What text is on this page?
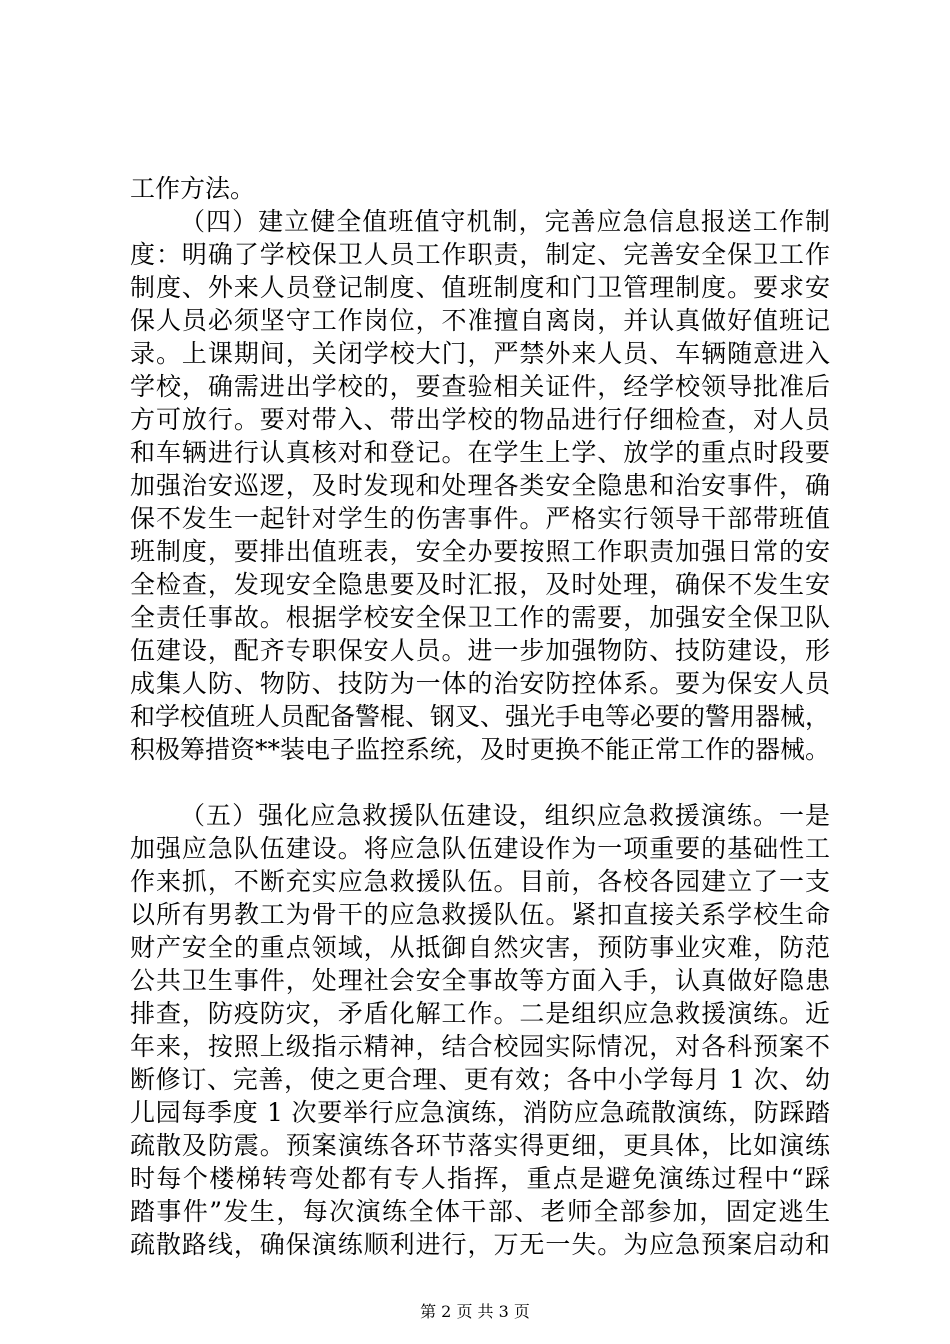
工作方法。
（四）建立健全值班值守机制，完善应急信息报送工作制
度：明确了学校保卫人员工作职责，制定、完善安全保卫工作
制度、外来人员登记制度、值班制度和门卫管理制度。要求安
保人员必须坚守工作岗位，不准擅自离岗，并认真做好值班记
录。上课期间，关闭学校大门，严禁外来人员、车辆随意进入
学校，确需进出学校的，要查验相关证件，经学校领导批准后
方可放行。要对带入、带出学校的物品进行仔细检查，对人员
和车辆进行认真核对和登记。在学生上学、放学的重点时段要
加强治安巡逻，及时发现和处理各类安全隐患和治安事件，确
保不发生一起针对学生的伤害事件。严格实行领导干部带班值
班制度，要排出值班表，安全办要按照工作职责加强日常的安
全检查，发现安全隐患要及时汇报，及时处理，确保不发生安
全责任事故。根据学校安全保卫工作的需要，加强安全保卫队
伍建设，配齐专职保安人员。进一步加强物防、技防建设，形
成集人防、物防、技防为一体的治安防控体系。要为保安人员
和学校值班人员配备警棍、钢叉、强光手电等必要的警用器械，
积极筹措资**装电子监控系统，及时更换不能正常工作的器械。
（五）强化应急救援队伍建设，组织应急救援演练。一是
加强应急队伍建设。将应急队伍建设作为一项重要的基础性工
作来抓，不断充实应急救援队伍。目前，各校各园建立了一支
以所有男教工为骨干的应急救援队伍。紧扣直接关系学校生命
财产安全的重点领域，从抵御自然灾害，预防事业灾难，防范
公共卫生事件，处理社会安全事故等方面入手，认真做好隐患
排查，防疫防灾，矛盾化解工作。二是组织应急救援演练。近
年来，按照上级指示精神，结合校园实际情况，对各科预案不
断修订、完善，使之更合理、更有效；各中小学每月 1 次、幼
儿园每季度 1 次要举行应急演练，消防应急疏散演练，防踩踏
疏散及防震。预案演练各环节落实得更细，更具体，比如演练
时每个楼梯转弯处都有专人指挥，重点是避免演练过程中“踩
踏事件”发生，每次演练全体干部、老师全部参加，固定逃生
疏散路线，确保演练顺利进行，万无一失。为应急预案启动和
第 2 页 共 3 页
